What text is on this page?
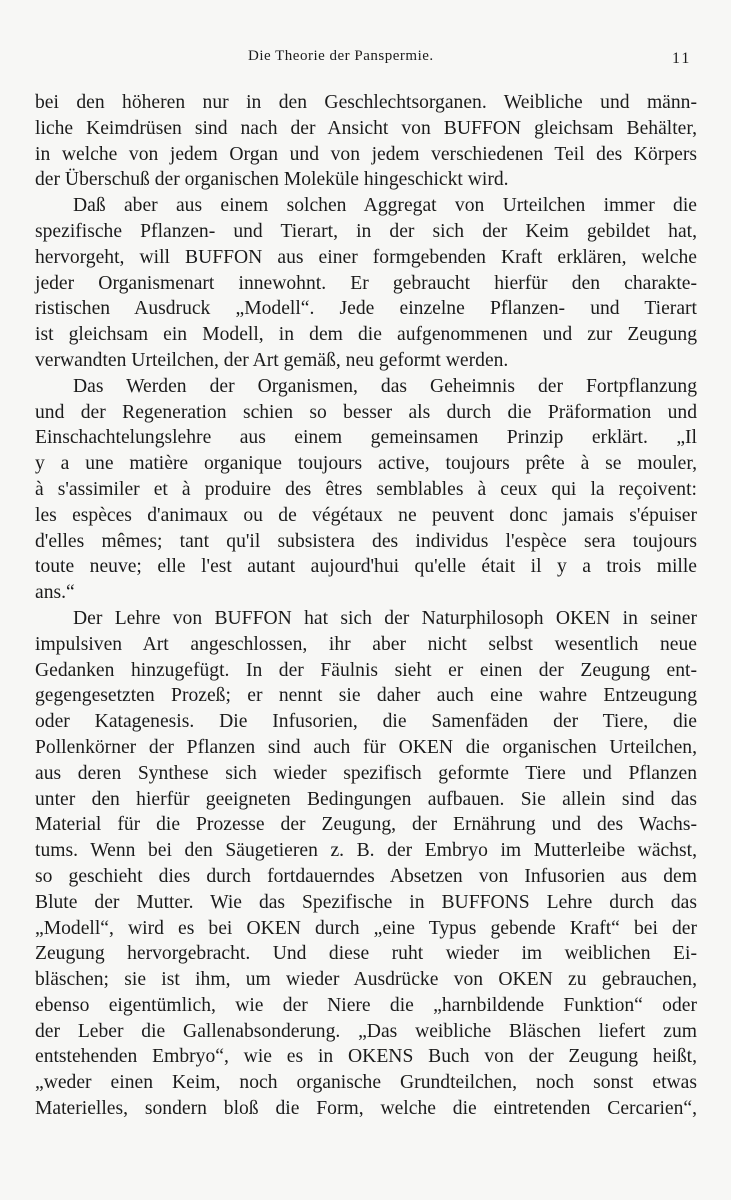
Die Theorie der Panspermie.	11
bei den höheren nur in den Geschlechtsorganen. Weibliche und männ-
liche Keimdrüsen sind nach der Ansicht von BUFFON gleichsam Behälter,
in welche von jedem Organ und von jedem verschiedenen Teil des Körpers
der Überschuß der organischen Moleküle hingeschickt wird.
Daß aber aus einem solchen Aggregat von Urteilchen immer die
spezifische Pflanzen- und Tierart, in der sich der Keim gebildet hat,
hervorgeht, will BUFFON aus einer formgebenden Kraft erklären, welche
jeder Organismenart innewohnt. Er gebraucht hierfür den charakte-
ristischen Ausdruck „Modell“. Jede einzelne Pflanzen- und Tierart
ist gleichsam ein Modell, in dem die aufgenommenen und zur Zeugung
verwandten Urteilchen, der Art gemäß, neu geformt werden.
Das Werden der Organismen, das Geheimnis der Fortpflanzung
und der Regeneration schien so besser als durch die Präformation und
Einschachtelungslehre aus einem gemeinsamen Prinzip erklärt. „Il
y a une matière organique toujours active, toujours prête à se mouler,
à s'assimiler et à produire des êtres semblables à ceux qui la reçoivent:
les espèces d'animaux ou de végétaux ne peuvent donc jamais s'épuiser
d'elles mêmes; tant qu'il subsistera des individus l'espèce sera toujours
toute neuve; elle l'est autant aujourd'hui qu'elle était il y a trois mille
ans.“
Der Lehre von BUFFON hat sich der Naturphilosoph OKEN in seiner
impulsiven Art angeschlossen, ihr aber nicht selbst wesentlich neue
Gedanken hinzugefügt. In der Fäulnis sieht er einen der Zeugung ent-
gegengesetzten Prozeß; er nennt sie daher auch eine wahre Entzeugung
oder Katagenesis. Die Infusorien, die Samenfäden der Tiere, die
Pollenkörner der Pflanzen sind auch für OKEN die organischen Urteilchen,
aus deren Synthese sich wieder spezifisch geformte Tiere und Pflanzen
unter den hierfür geeigneten Bedingungen aufbauen. Sie allein sind das
Material für die Prozesse der Zeugung, der Ernährung und des Wachs-
tums. Wenn bei den Säugetieren z. B. der Embryo im Mutterleibe wächst,
so geschieht dies durch fortdauerndes Absetzen von Infusorien aus dem
Blute der Mutter. Wie das Spezifische in BUFFONS Lehre durch das
„Modell“, wird es bei OKEN durch „eine Typus gebende Kraft“ bei der
Zeugung hervorgebracht. Und diese ruht wieder im weiblichen Ei-
bläschen; sie ist ihm, um wieder Ausdrücke von OKEN zu gebrauchen,
ebenso eigentümlich, wie der Niere die „harnbildende Funktion“ oder
der Leber die Gallenabsonderung. „Das weibliche Bläschen liefert zum
entstehenden Embryo“, wie es in OKENS Buch von der Zeugung heißt,
„weder einen Keim, noch organische Grundteilchen, noch sonst etwas
Materielles, sondern bloß die Form, welche die eintretenden Cercarien“,
